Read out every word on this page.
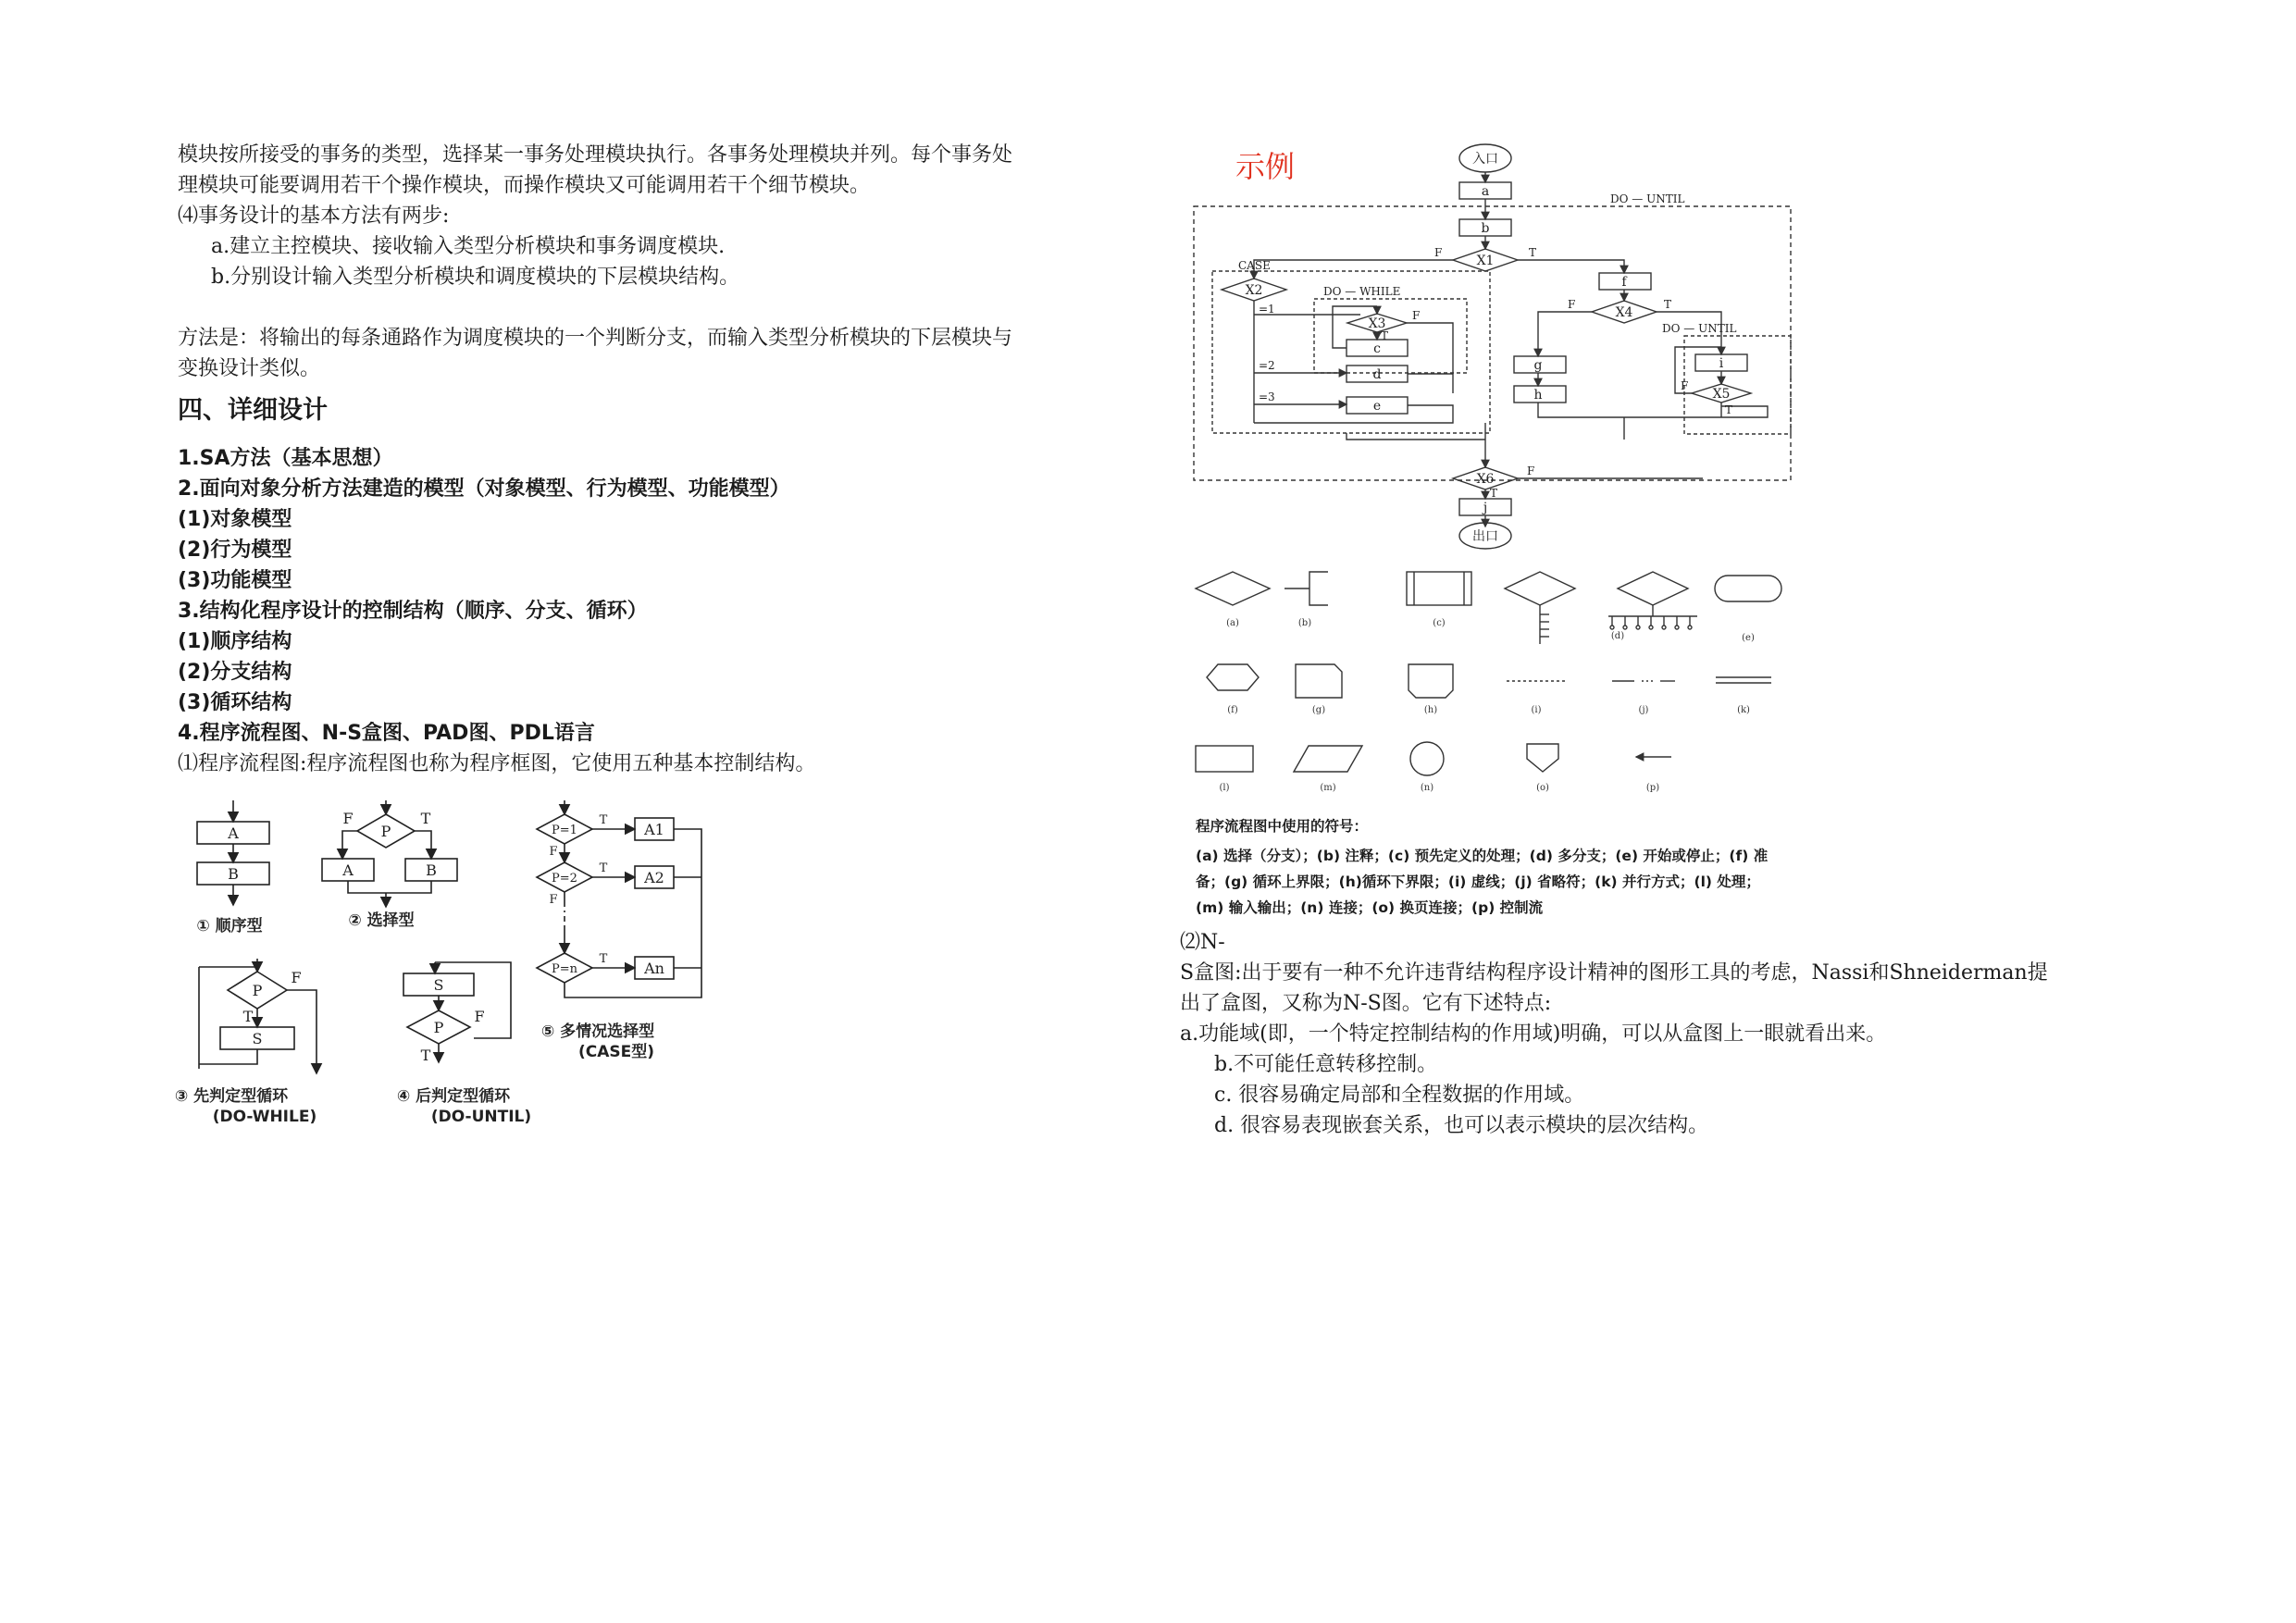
模块按所接受的事务的类型，选择某一事务处理模块执行。各事务处理模块并列。每个事务处
理模块可能要调用若干个操作模块，而操作模块又可能调用若干个细节模块。
⑷事务设计的基本方法有两步:
a.建立主控模块、接收输入类型分析模块和事务调度模块.
b.分别设计输入类型分析模块和调度模块的下层模块结构。
方法是：将输出的每条通路作为调度模块的一个判断分支，而输入类型分析模块的下层模块与
变换设计类似。
四、详细设计
1.SA方法（基本思想）
2.面向对象分析方法建造的模型（对象模型、行为模型、功能模型）
(1)对象模型
(2)行为模型
(3)功能模型
3.结构化程序设计的控制结构（顺序、分支、循环）
(1)顺序结构
(2)分支结构
(3)循环结构
4.程序流程图、N-S盒图、PAD图、PDL语言
⑴程序流程图:程序流程图也称为程序框图，它使用五种基本控制结构。
A
B
P
F	T
A	B
P
F
T
S
S
P
F
T
P=1
P=2
P=n
A1
A2
An
T
T
T
F
F
① 顺序型	② 选择型
③ 先判定型循环
(DO-WHILE)
④ 后判定型循环
(DO-UNTIL)
⑤ 多情况选择型
(CASE型)
示例	入口
a
b
X1
X2
X3
c
d
e
f
X4
g
h
i
X5
X6
j
出口
DO — UNTIL
DO — WHILE
DO — UNTIL
CASE
=1
=2
=3
F	T
F
T
F	T
F
T
F
T
(a)	(b)	(c)
(d)	(e)
(f)	(g)	(h)	(i)	(j)	(k)
(l)	(m)	(n)	(o)	(p)
程序流程图中使用的符号：
(a) 选择（分支）；(b) 注释；(c) 预先定义的处理；(d) 多分支；(e) 开始或停止；(f) 准
备；(g) 循环上界限；(h)循环下界限；(i) 虚线；(j) 省略符；(k) 并行方式；(l) 处理；
(m) 输入输出；(n) 连接；(o) 换页连接；(p) 控制流
⑵N-
S盒图:出于要有一种不允许违背结构程序设计精神的图形工具的考虑，Nassi和Shneiderman提
出了盒图，又称为N-S图。它有下述特点:
a.功能域(即，一个特定控制结构的作用域)明确，可以从盒图上一眼就看出来。
b.不可能任意转移控制。
c. 很容易确定局部和全程数据的作用域。
d. 很容易表现嵌套关系，也可以表示模块的层次结构。
